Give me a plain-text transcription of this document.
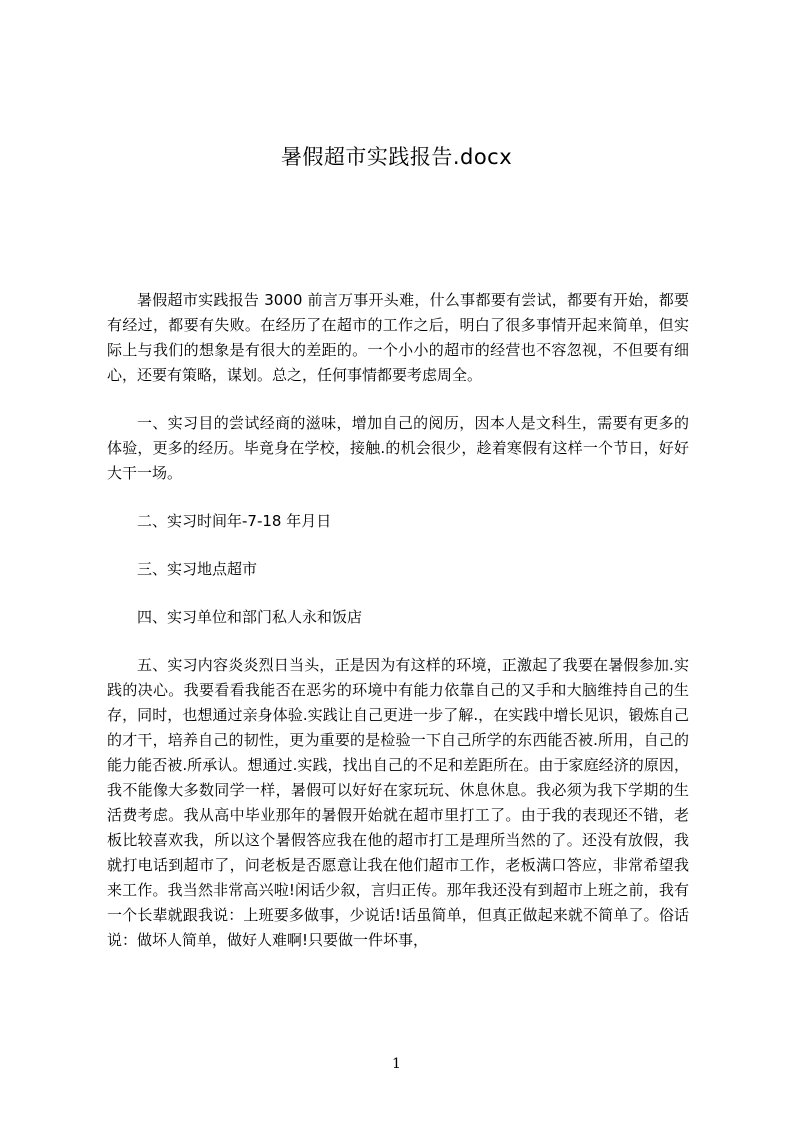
暑假超市实践报告.docx

暑假超市实践报告 3000 前言万事开头难，什么事都要有尝试，都要有开始，都要有经过，都要有失败。在经历了在超市的工作之后，明白了很多事情开起来简单，但实际上与我们的想象是有很大的差距的。一个小小的超市的经营也不容忽视，不但要有细心，还要有策略，谋划。总之，任何事情都要考虑周全。

一、实习目的尝试经商的滋味，增加自己的阅历，因本人是文科生，需要有更多的体验，更多的经历。毕竟身在学校，接触.的机会很少，趁着寒假有这样一个节日，好好大干一场。

二、实习时间年-7-18 年月日

三、实习地点超市

四、实习单位和部门私人永和饭店

五、实习内容炎炎烈日当头，正是因为有这样的环境，正激起了我要在暑假参加.实践的决心。我要看看我能否在恶劣的环境中有能力依靠自己的又手和大脑维持自己的生存，同时，也想通过亲身体验.实践让自己更进一步了解.，在实践中增长见识，锻炼自己的才干，培养自己的韧性，更为重要的是检验一下自己所学的东西能否被.所用，自己的能力能否被.所承认。想通过.实践，找出自己的不足和差距所在。由于家庭经济的原因，我不能像大多数同学一样，暑假可以好好在家玩玩、休息休息。我必须为我下学期的生活费考虑。我从高中毕业那年的暑假开始就在超市里打工了。由于我的表现还不错，老板比较喜欢我，所以这个暑假答应我在他的超市打工是理所当然的了。还没有放假，我就打电话到超市了，问老板是否愿意让我在他们超市工作，老板满口答应，非常希望我来工作。我当然非常高兴啦!闲话少叙，言归正传。那年我还没有到超市上班之前，我有一个长辈就跟我说：上班要多做事，少说话!话虽简单，但真正做起来就不简单了。俗话说：做坏人简单，做好人难啊!只要做一件坏事，

1
